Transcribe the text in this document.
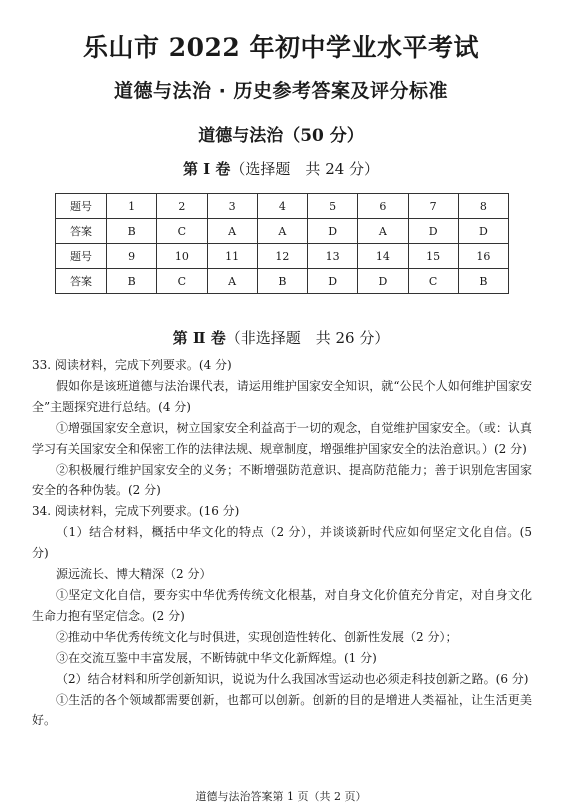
乐山市 2022 年初中学业水平考试
道德与法治 · 历史参考答案及评分标准
道德与法治（50 分）
第 Ⅰ 卷（选择题　共 24 分）
题号	1	2	3	4	5	6	7	8
答案	B	C	A	A	D	A	D	D
题号	9	10	11	12	13	14	15	16
答案	B	C	A	B	D	D	C	B
第 Ⅱ 卷（非选择题　共 26 分）

33. 阅读材料，完成下列要求。(4 分)

假如你是该班道德与法治课代表，请运用维护国家安全知识，就“公民个人如何维护国家安全”主题探究进行总结。(4 分)

①增强国家安全意识，树立国家安全利益高于一切的观念，自觉维护国家安全。（或：认真学习有关国家安全和保密工作的法律法规、规章制度，增强维护国家安全的法治意识。）(2 分)

②积极履行维护国家安全的义务；不断增强防范意识、提高防范能力；善于识别危害国家安全的各种伪装。(2 分)

34. 阅读材料，完成下列要求。(16 分)

（1）结合材料，概括中华文化的特点（2 分），并谈谈新时代应如何坚定文化自信。(5 分)

源远流长、博大精深（2 分）

①坚定文化自信，要夯实中华优秀传统文化根基，对自身文化价值充分肯定，对自身文化生命力抱有坚定信念。(2 分)

②推动中华优秀传统文化与时俱进，实现创造性转化、创新性发展（2 分）；

③在交流互鉴中丰富发展，不断铸就中华文化新辉煌。(1 分)

（2）结合材料和所学创新知识，说说为什么我国冰雪运动也必须走科技创新之路。(6 分)

①生活的各个领域都需要创新，也都可以创新。创新的目的是增进人类福祉，让生活更美好。

道德与法治答案第 1 页（共 2 页）
